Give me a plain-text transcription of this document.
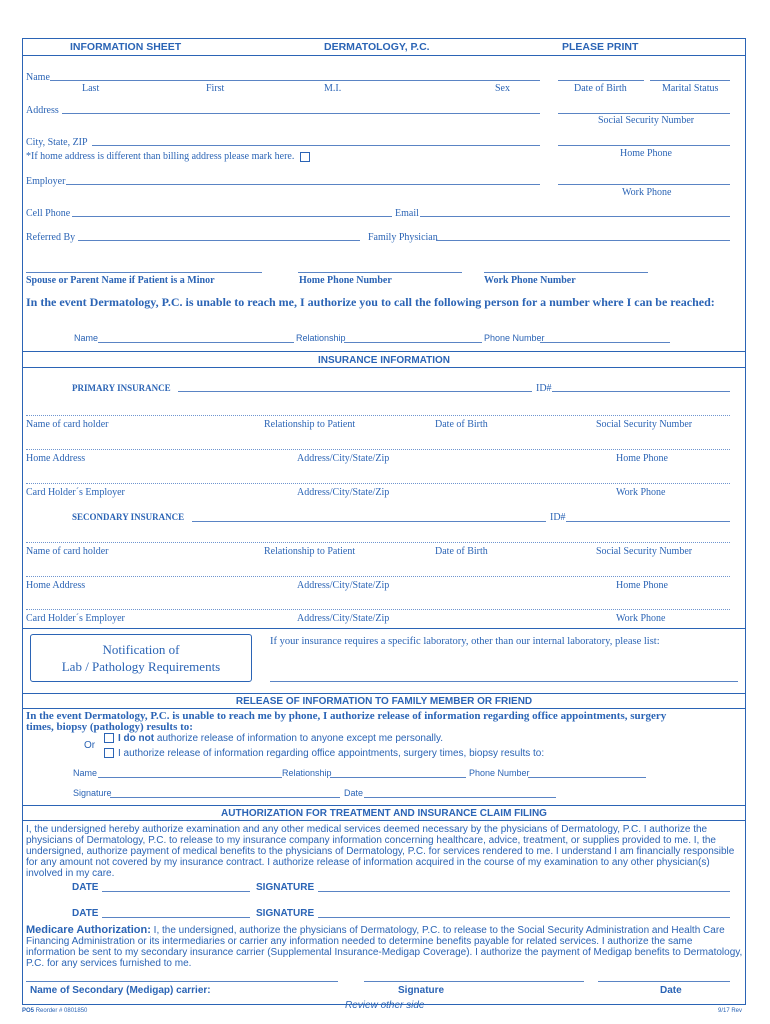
INFORMATION SHEET	DERMATOLOGY, P.C.	PLEASE PRINT
Name
Last	First	M.I.	Sex	Date of Birth	Marital Status
Address
Social Security Number
City, State, ZIP
*If home address is different than billing address please mark here.	Home Phone
Employer
Work Phone
Cell Phone	Email
Referred By	Family Physician
Spouse or Parent Name if Patient is a Minor	Home Phone Number	Work Phone Number
In the event Dermatology, P.C. is unable to reach me, I authorize you to call the following person for a number where I can be reached:
Name	Relationship	Phone Number
INSURANCE INFORMATION
PRIMARY INSURANCE	ID#
Name of card holder	Relationship to Patient	Date of Birth	Social Security Number
Home Address	Address/City/State/Zip	Home Phone
Card Holder´s Employer	Address/City/State/Zip	Work Phone
SECONDARY INSURANCE	ID#
Name of card holder	Relationship to Patient	Date of Birth	Social Security Number
Home Address	Address/City/State/Zip	Home Phone
Card Holder´s Employer	Address/City/State/Zip	Work Phone
Notification of
Lab / Pathology Requirements
If your insurance requires a specific laboratory, other than our internal laboratory, please list:
RELEASE OF INFORMATION TO FAMILY MEMBER OR FRIEND
In the event Dermatology, P.C. is unable to reach me by phone, I authorize release of information regarding office appointments, surgery
times, biopsy (pathology) results to:
Or
I do not authorize release of information to anyone except me personally.
I authorize release of information regarding office appointments, surgery times, biopsy results to:
Name	Relationship	Phone Number
Signature	Date
AUTHORIZATION FOR TREATMENT AND INSURANCE CLAIM FILING
I, the undersigned hereby authorize examination and any other medical services deemed necessary by the physicians of Dermatology, P.C. I authorize the physicians of Dermatology, P.C. to release to my insurance company information concerning healthcare, advice, treatment, or supplies provided to me. I, the undersigned, authorize payment of medical benefits to the physicians of Dermatology, P.C. for services rendered to me. I understand I am financially responsible for any amount not covered by my insurance contract. I authorize release of information acquired in the course of my examination to any other physician(s) involved in my care.
DATE	SIGNATURE
DATE	SIGNATURE
Medicare Authorization: I, the undersigned, authorize the physicians of Dermatology, P.C. to release to the Social Security Administration and Health Care Financing Administration or its intermediaries or carrier any information needed to determine benefits payable for related services. I authorize the same information be sent to my secondary insurance carrier (Supplemental Insurance-Medigap Coverage). I authorize the payment of Medigap benefits to Dermatology, P.C. for any services furnished to me.
Name of Secondary (Medigap) carrier:	Signature	Date
Review other side
PO5 Reorder # 0801850	9/17 Rev
